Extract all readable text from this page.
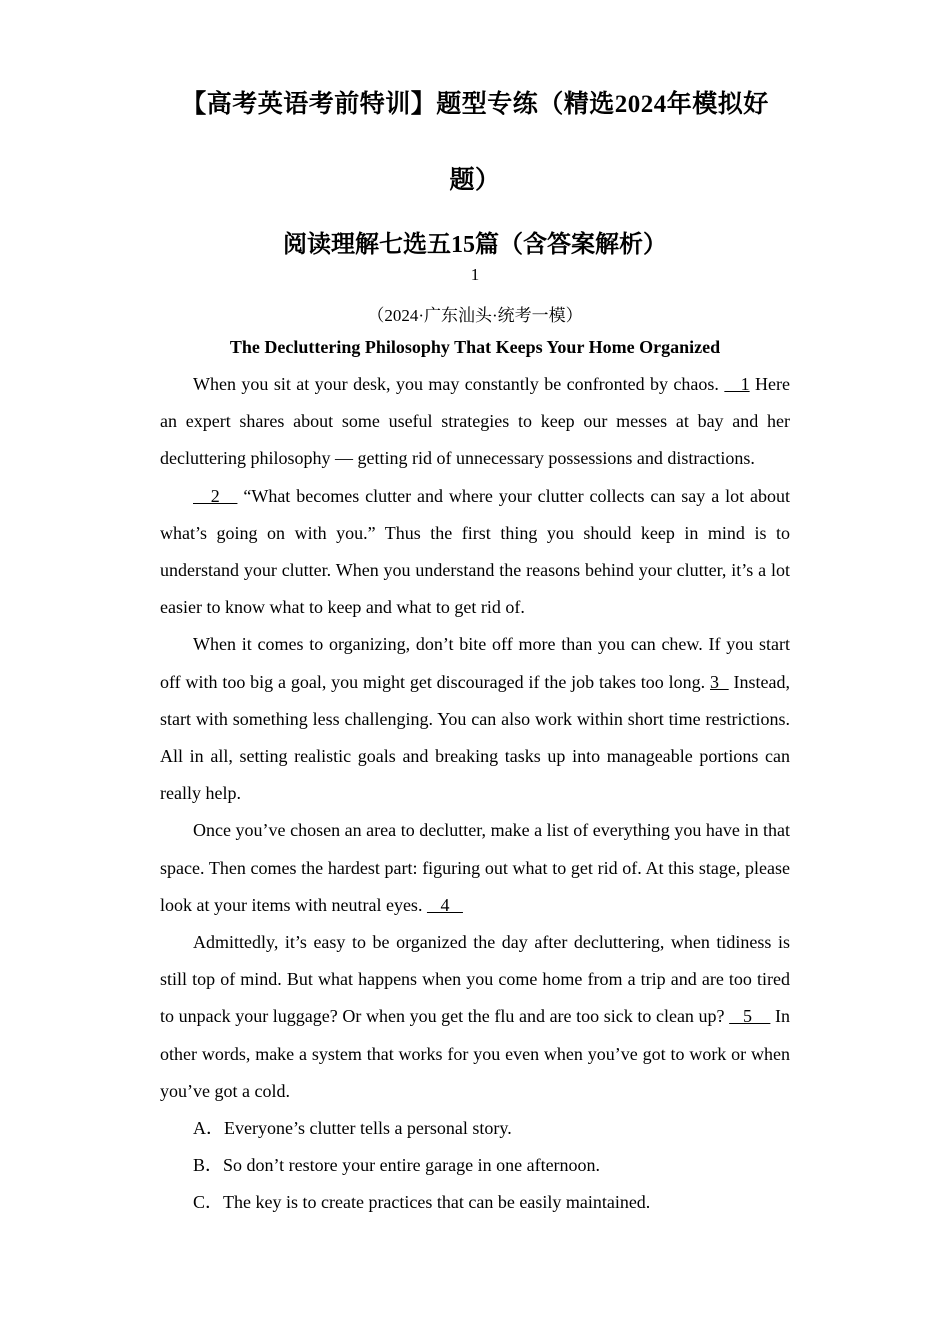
【高考英语考前特训】题型专练（精选2024年模拟好
题）
阅读理解七选五15篇（含答案解析）
1
（2024·广东汕头·统考一模）
The Decluttering Philosophy That Keeps Your Home Organized

When you sit at your desk, you may constantly be confronted by chaos.    1 Here an expert shares about some useful strategies to keep our messes at bay and her decluttering philosophy — getting rid of unnecessary possessions and distractions.

2    “What becomes clutter and where your clutter collects can say a lot about what’s going on with you.” Thus the first thing you should keep in mind is to understand your clutter. When you understand the reasons behind your clutter, it’s a lot easier to know what to keep and what to get rid of.

When it comes to organizing, don’t bite off more than you can chew. If you start off with too big a goal, you might get discouraged if the job takes too long. 3   Instead, start with something less challenging. You can also work within short time restrictions. All in all, setting realistic goals and breaking tasks up into manageable portions can really help.

Once you’ve chosen an area to declutter, make a list of everything you have in that space. Then comes the hardest part: figuring out what to get rid of. At this stage, please look at your items with neutral eyes.    4

Admittedly, it’s easy to be organized the day after decluttering, when tidiness is still top of mind. But what happens when you come home from a trip and are too tired to unpack your luggage? Or when you get the flu and are too sick to clean up?    5     In other words, make a system that works for you even when you’ve got to work or when you’ve got a cold.

A．Everyone’s clutter tells a personal story.
B．So don’t restore your entire garage in one afternoon.
C．The key is to create practices that can be easily maintained.
